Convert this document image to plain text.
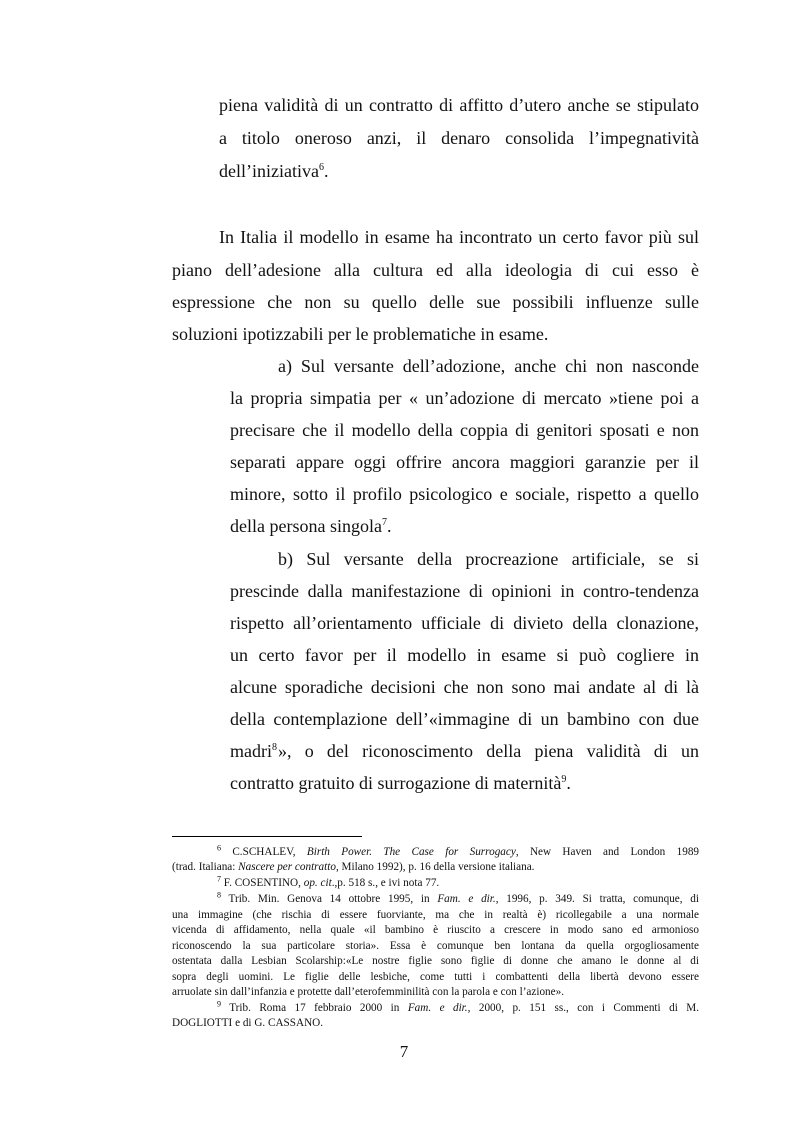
piena validità di un contratto di affitto d’utero anche se stipulato
a titolo oneroso anzi, il denaro consolida l’impegnatività
dell’iniziativa$^6$.
In Italia il modello in esame ha incontrato un certo favor più sul
piano dell’adesione alla cultura ed alla ideologia di cui esso è
espressione che non su quello delle sue possibili influenze sulle
soluzioni ipotizzabili per le problematiche in esame.
a) Sul versante dell’adozione, anche chi non nasconde
la propria simpatia per « un’adozione di mercato »tiene poi a
precisare che il modello della coppia di genitori sposati e non
separati appare oggi offrire ancora maggiori garanzie per il
minore, sotto il profilo psicologico e sociale, rispetto a quello
della persona singola$^7$.
b) Sul versante della procreazione artificiale, se si
prescinde dalla manifestazione di opinioni in contro-tendenza
rispetto all’orientamento ufficiale di divieto della clonazione,
un certo favor per il modello in esame si può cogliere in
alcune sporadiche decisioni che non sono mai andate al di là
della contemplazione dell’«immagine di un bambino con due
madri$^8$ », o del riconoscimento della piena validità di un
contratto gratuito di surrogazione di maternità$^9$.
$^6$ C.SCHALEV, Birth Power. The Case for Surrogacy, New Haven and London 1989
(trad. Italiana: Nascere per contratto, Milano 1992), p. 16 della versione italiana.
$^7$ F. COSENTINO, op. cit.,p. 518 s., e ivi nota 77.
$^8$ Trib. Min. Genova 14 ottobre 1995, in Fam. e dir., 1996, p. 349. Si tratta, comunque, di
una immagine (che rischia di essere fuorviante, ma che in realtà è) ricollegabile a una normale
vicenda di affidamento, nella quale «il bambino è riuscito a crescere in modo sano ed armonioso
riconoscendo la sua particolare storia». Essa è comunque ben lontana da quella orgogliosamente
ostentata dalla Lesbian Scolarship:«Le nostre figlie sono figlie di donne che amano le donne al di
sopra degli uomini. Le figlie delle lesbiche, come tutti i combattenti della libertà devono essere
arruolate sin dall’infanzia e protette dall’eterofemminilità con la parola e con l’azione».
$^9$ Trib. Roma 17 febbraio 2000 in Fam. e dir., 2000, p. 151 ss., con i Commenti di M.
DOGLIOTTI e di G. CASSANO.
7
